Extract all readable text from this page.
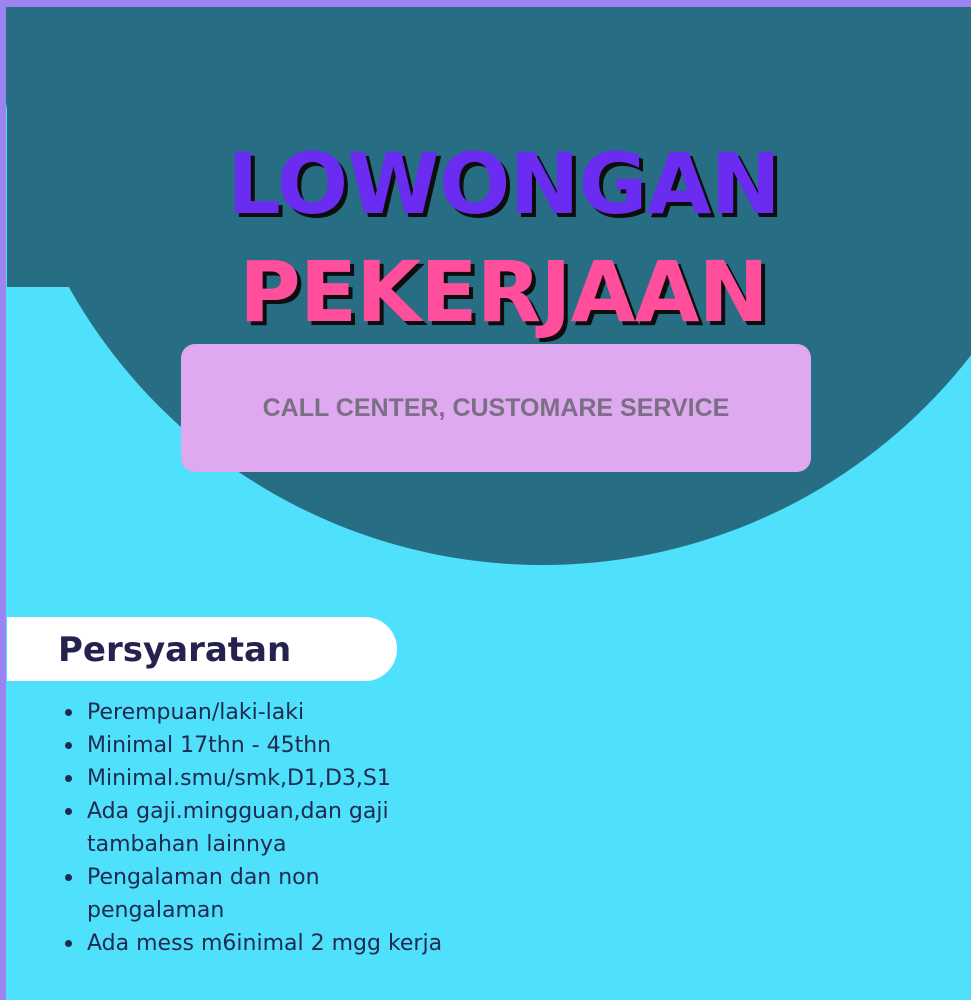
LOWONGAN
PEKERJAAN
CALL CENTER, CUSTOMARE SERVICE
Persyaratan
Perempuan/laki-laki
Minimal 17thn - 45thn
Minimal.smu/smk,D1,D3,S1
Ada gaji.mingguan,dan gaji tambahan lainnya
Pengalaman dan non pengalaman
Ada mess m6inimal 2 mgg kerja
